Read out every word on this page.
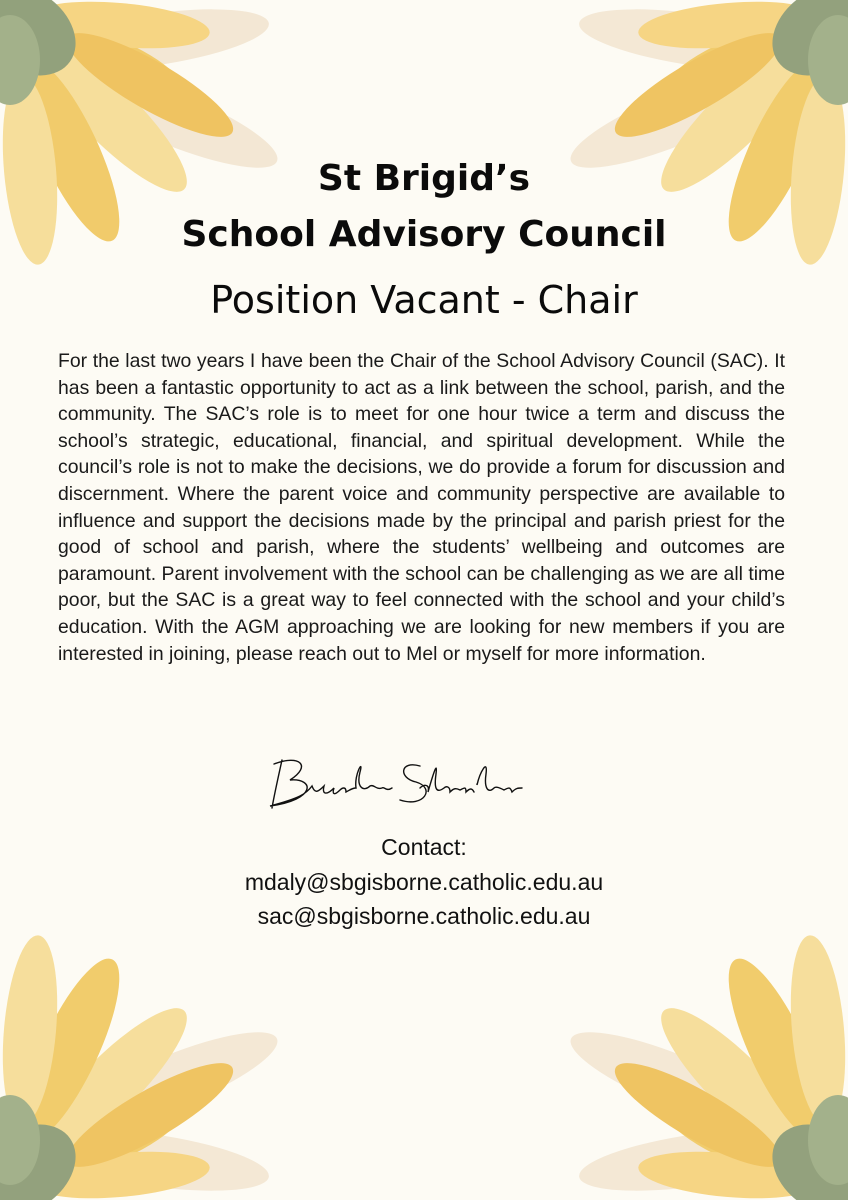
St Brigid’s
School Advisory Council
Position Vacant - Chair

For the last two years I have been the Chair of the School Advisory Council (SAC). It has been a fantastic opportunity to act as a link between the school, parish, and the community. The SAC’s role is to meet for one hour twice a term and discuss the school’s strategic, educational, financial, and spiritual development. While the council’s role is not to make the decisions, we do provide a forum for discussion and discernment. Where the parent voice and community perspective are available to influence and support the decisions made by the principal and parish priest for the good of school and parish, where the students’ wellbeing and outcomes are paramount. Parent involvement with the school can be challenging as we are all time poor, but the SAC is a great way to feel connected with the school and your child’s education. With the AGM approaching we are looking for new members if you are interested in joining, please reach out to Mel or myself for more information.

Contact:

mdaly@sbgisborne.catholic.edu.au

sac@sbgisborne.catholic.edu.au
